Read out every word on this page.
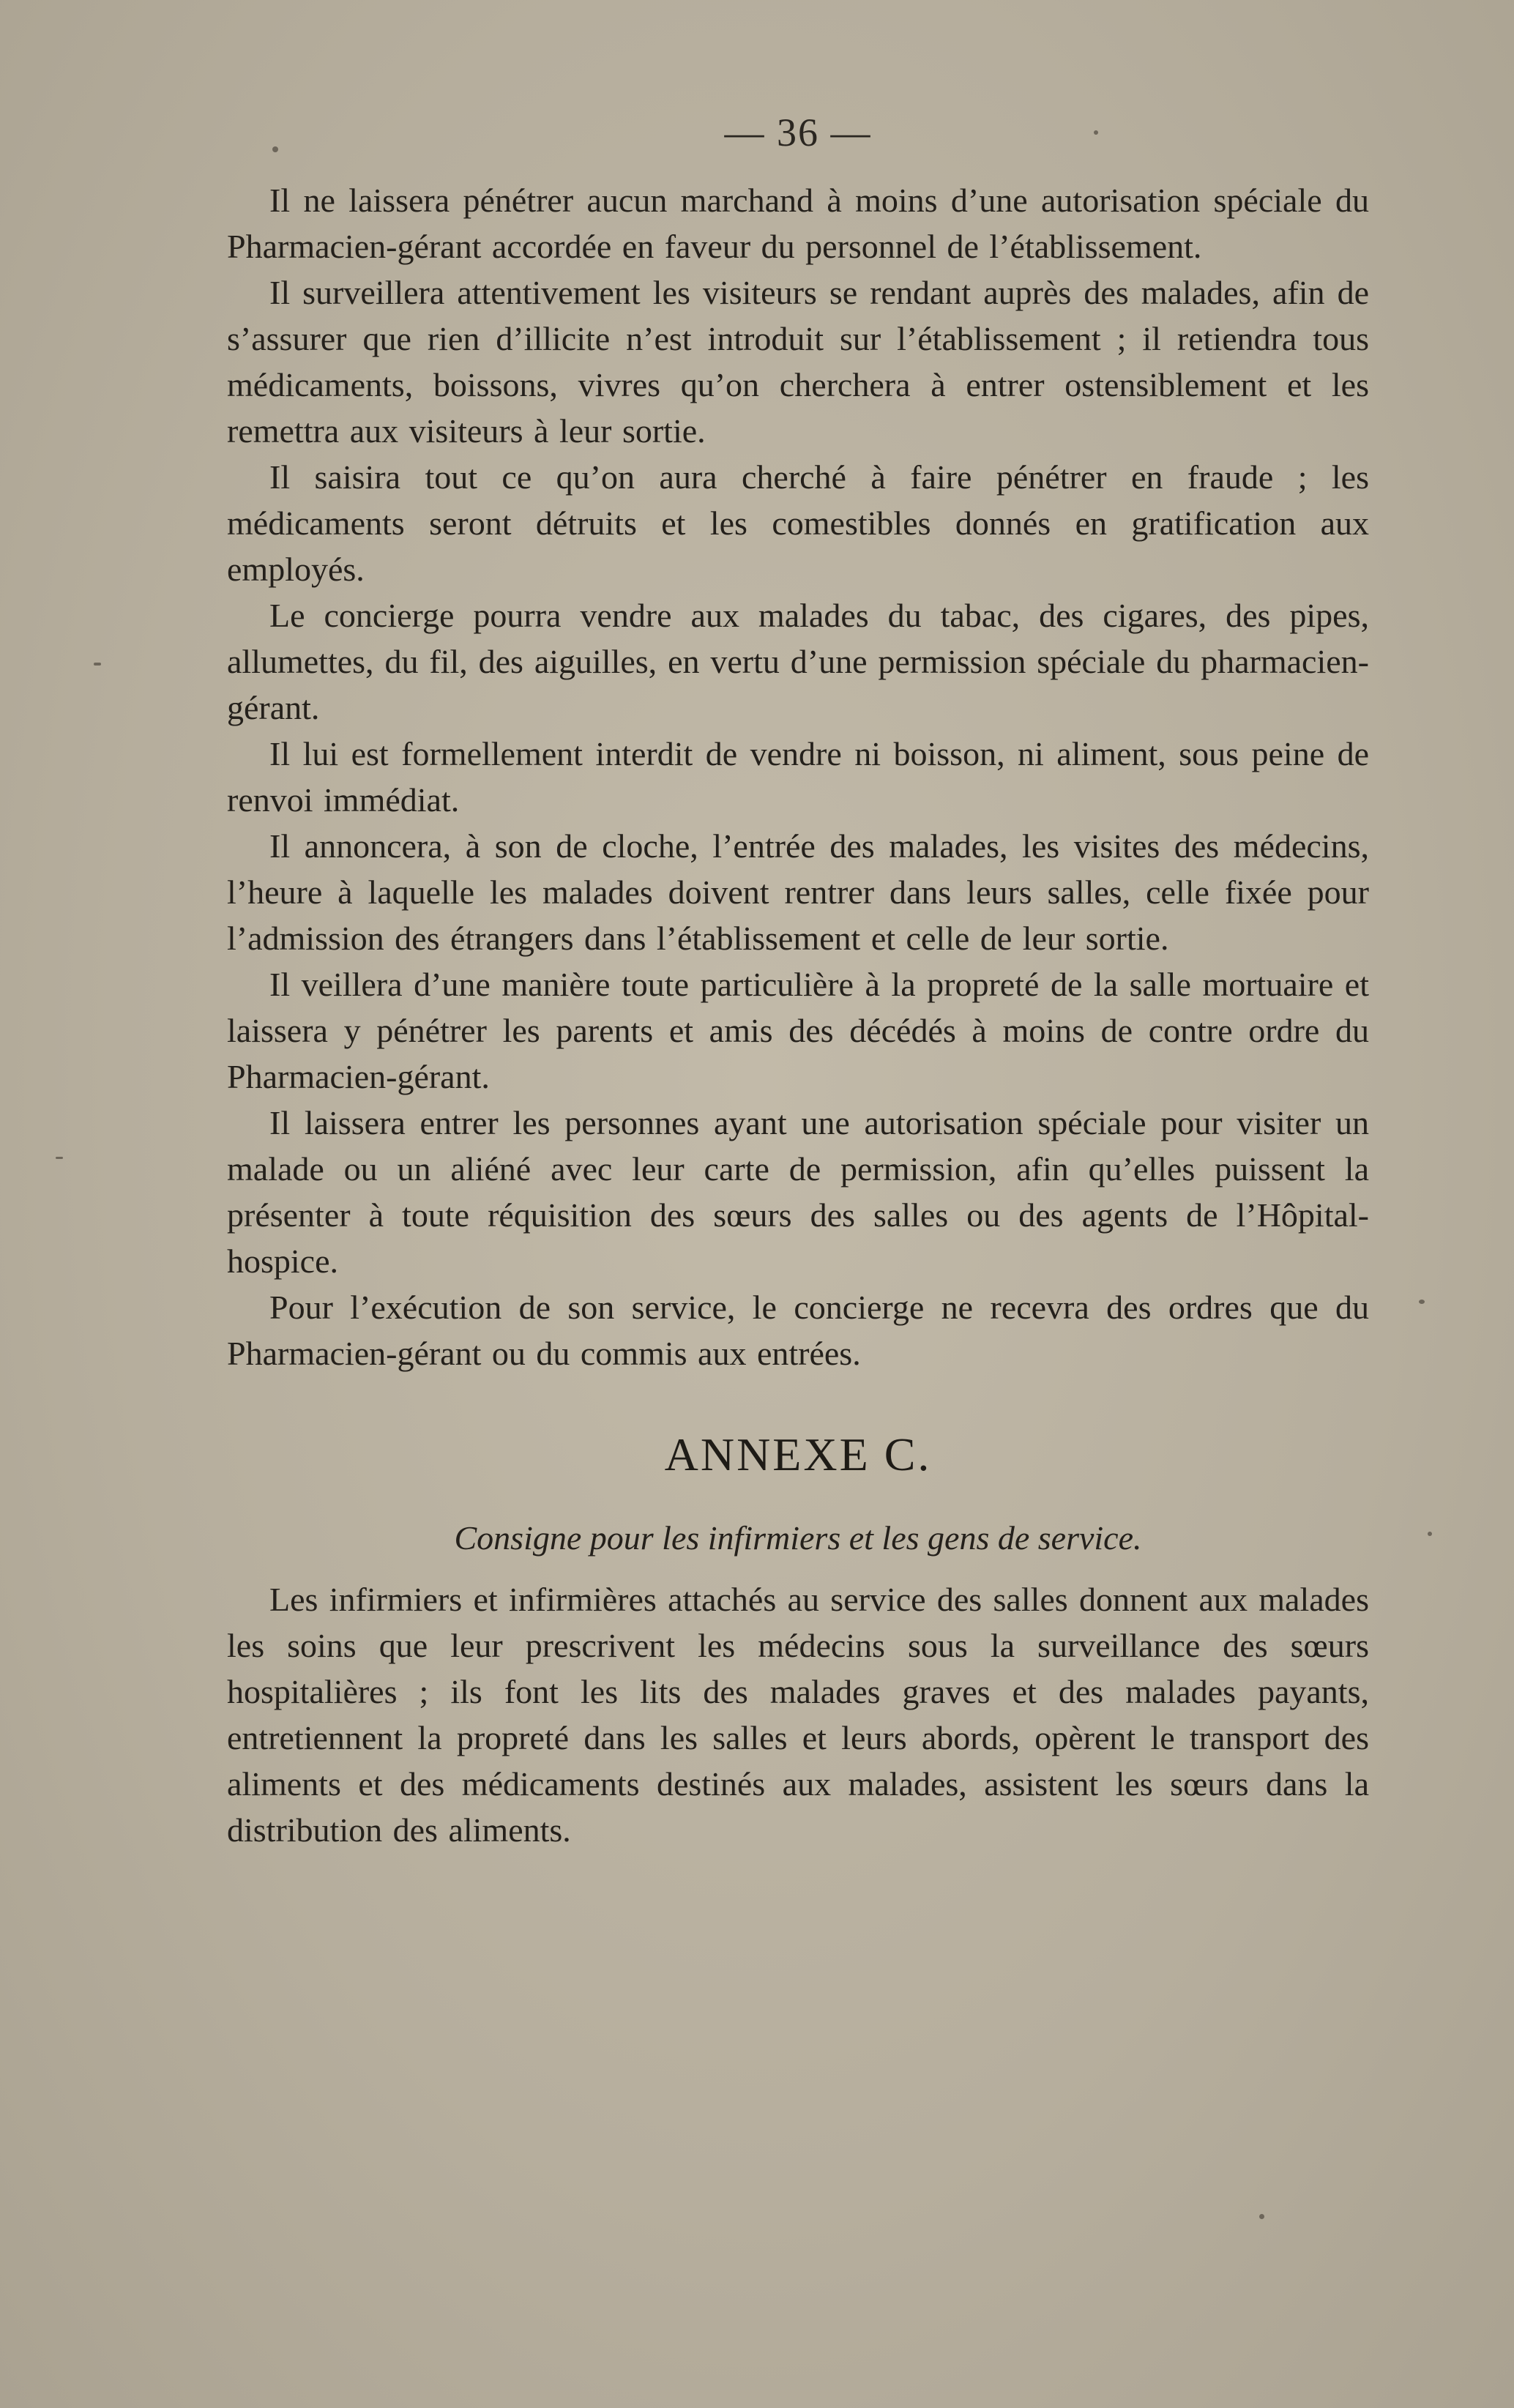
— 36 —

Il ne laissera pénétrer aucun marchand à moins d’une autorisation spéciale du Pharmacien-gérant accordée en faveur du personnel de l’établissement.

Il surveillera attentivement les visiteurs se rendant auprès des malades, afin de s’assurer que rien d’illicite n’est introduit sur l’établissement ; il retiendra tous médicaments, boissons, vivres qu’on cherchera à entrer ostensiblement et les remettra aux visiteurs à leur sortie.

Il saisira tout ce qu’on aura cherché à faire pénétrer en fraude ; les médicaments seront détruits et les comestibles donnés en gratification aux employés.

Le concierge pourra vendre aux malades du tabac, des cigares, des pipes, allumettes, du fil, des aiguilles, en vertu d’une permission spéciale du pharmacien-gérant.

Il lui est formellement interdit de vendre ni boisson, ni aliment, sous peine de renvoi immédiat.

Il annoncera, à son de cloche, l’entrée des malades, les visites des médecins, l’heure à laquelle les malades doivent rentrer dans leurs salles, celle fixée pour l’admission des étrangers dans l’établissement et celle de leur sortie.

Il veillera d’une manière toute particulière à la propreté de la salle mortuaire et laissera y pénétrer les parents et amis des décédés à moins de contre ordre du Pharmacien-gérant.

Il laissera entrer les personnes ayant une autorisation spéciale pour visiter un malade ou un aliéné avec leur carte de permission, afin qu’elles puissent la présenter à toute réquisition des sœurs des salles ou des agents de l’Hôpital-hospice.

Pour l’exécution de son service, le concierge ne recevra des ordres que du Pharmacien-gérant ou du commis aux entrées.

ANNEXE C.
Consigne pour les infirmiers et les gens de service.

Les infirmiers et infirmières attachés au service des salles donnent aux malades les soins que leur prescrivent les médecins sous la surveillance des sœurs hospitalières ; ils font les lits des malades graves et des malades payants, entretiennent la propreté dans les salles et leurs abords, opèrent le transport des aliments et des médicaments destinés aux malades, assistent les sœurs dans la distribution des aliments.
